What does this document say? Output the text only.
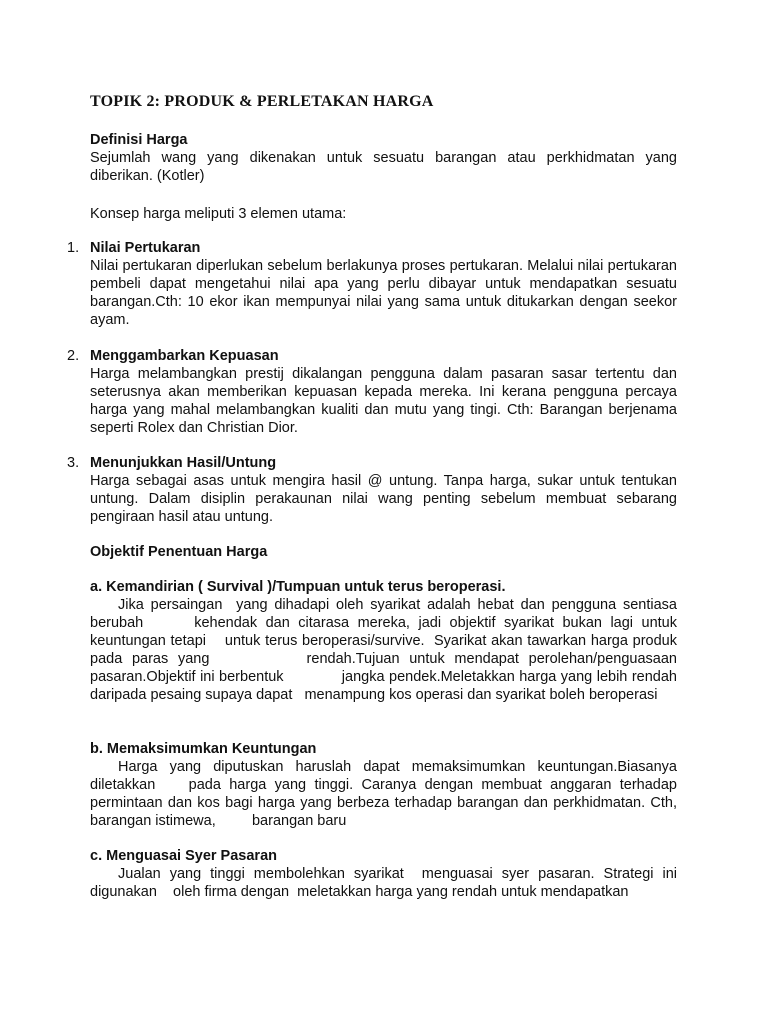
TOPIK 2: PRODUK & PERLETAKAN HARGA
Definisi Harga
Sejumlah wang yang dikenakan untuk sesuatu barangan atau perkhidmatan yang diberikan. (Kotler)
Konsep harga meliputi 3 elemen utama:
1. Nilai Pertukaran
Nilai pertukaran diperlukan sebelum berlakunya proses pertukaran. Melalui nilai pertukaran pembeli dapat mengetahui nilai apa yang perlu dibayar untuk mendapatkan sesuatu barangan.Cth: 10 ekor ikan mempunyai nilai yang sama untuk ditukarkan dengan seekor ayam.
2. Menggambarkan Kepuasan
Harga melambangkan prestij dikalangan pengguna dalam pasaran sasar tertentu dan seterusnya akan memberikan kepuasan kepada mereka. Ini kerana pengguna percaya harga yang mahal melambangkan kualiti dan mutu yang tingi. Cth: Barangan berjenama seperti Rolex dan Christian Dior.
3. Menunjukkan Hasil/Untung
Harga sebagai asas untuk mengira hasil @ untung. Tanpa harga, sukar untuk tentukan untung. Dalam disiplin perakaunan nilai wang penting sebelum membuat sebarang pengiraan hasil atau untung.
Objektif Penentuan Harga
a. Kemandirian ( Survival )/Tumpuan untuk terus beroperasi.
Jika persaingan  yang dihadapi oleh syarikat adalah hebat dan pengguna sentiasa berubah      kehendak dan citarasa mereka, jadi objektif syarikat bukan lagi untuk keuntungan tetapi    untuk terus beroperasi/survive.  Syarikat akan tawarkan harga produk pada paras yang          rendah.Tujuan untuk mendapat perolehan/penguasaan pasaran.Objektif ini berbentuk             jangka pendek.Meletakkan harga yang lebih rendah daripada pesaing supaya dapat   menampung kos operasi dan syarikat boleh beroperasi
b. Memaksimumkan Keuntungan
Harga yang diputuskan haruslah dapat memaksimumkan keuntungan.Biasanya diletakkan    pada harga yang tinggi. Caranya dengan membuat anggaran terhadap permintaan dan kos bagi harga yang berbeza terhadap barangan dan perkhidmatan. Cth, barangan istimewa,         barangan baru
c. Menguasai Syer Pasaran
Jualan yang tinggi membolehkan syarikat  menguasai syer pasaran. Strategi ini digunakan    oleh firma dengan  meletakkan harga yang rendah untuk mendapatkan
